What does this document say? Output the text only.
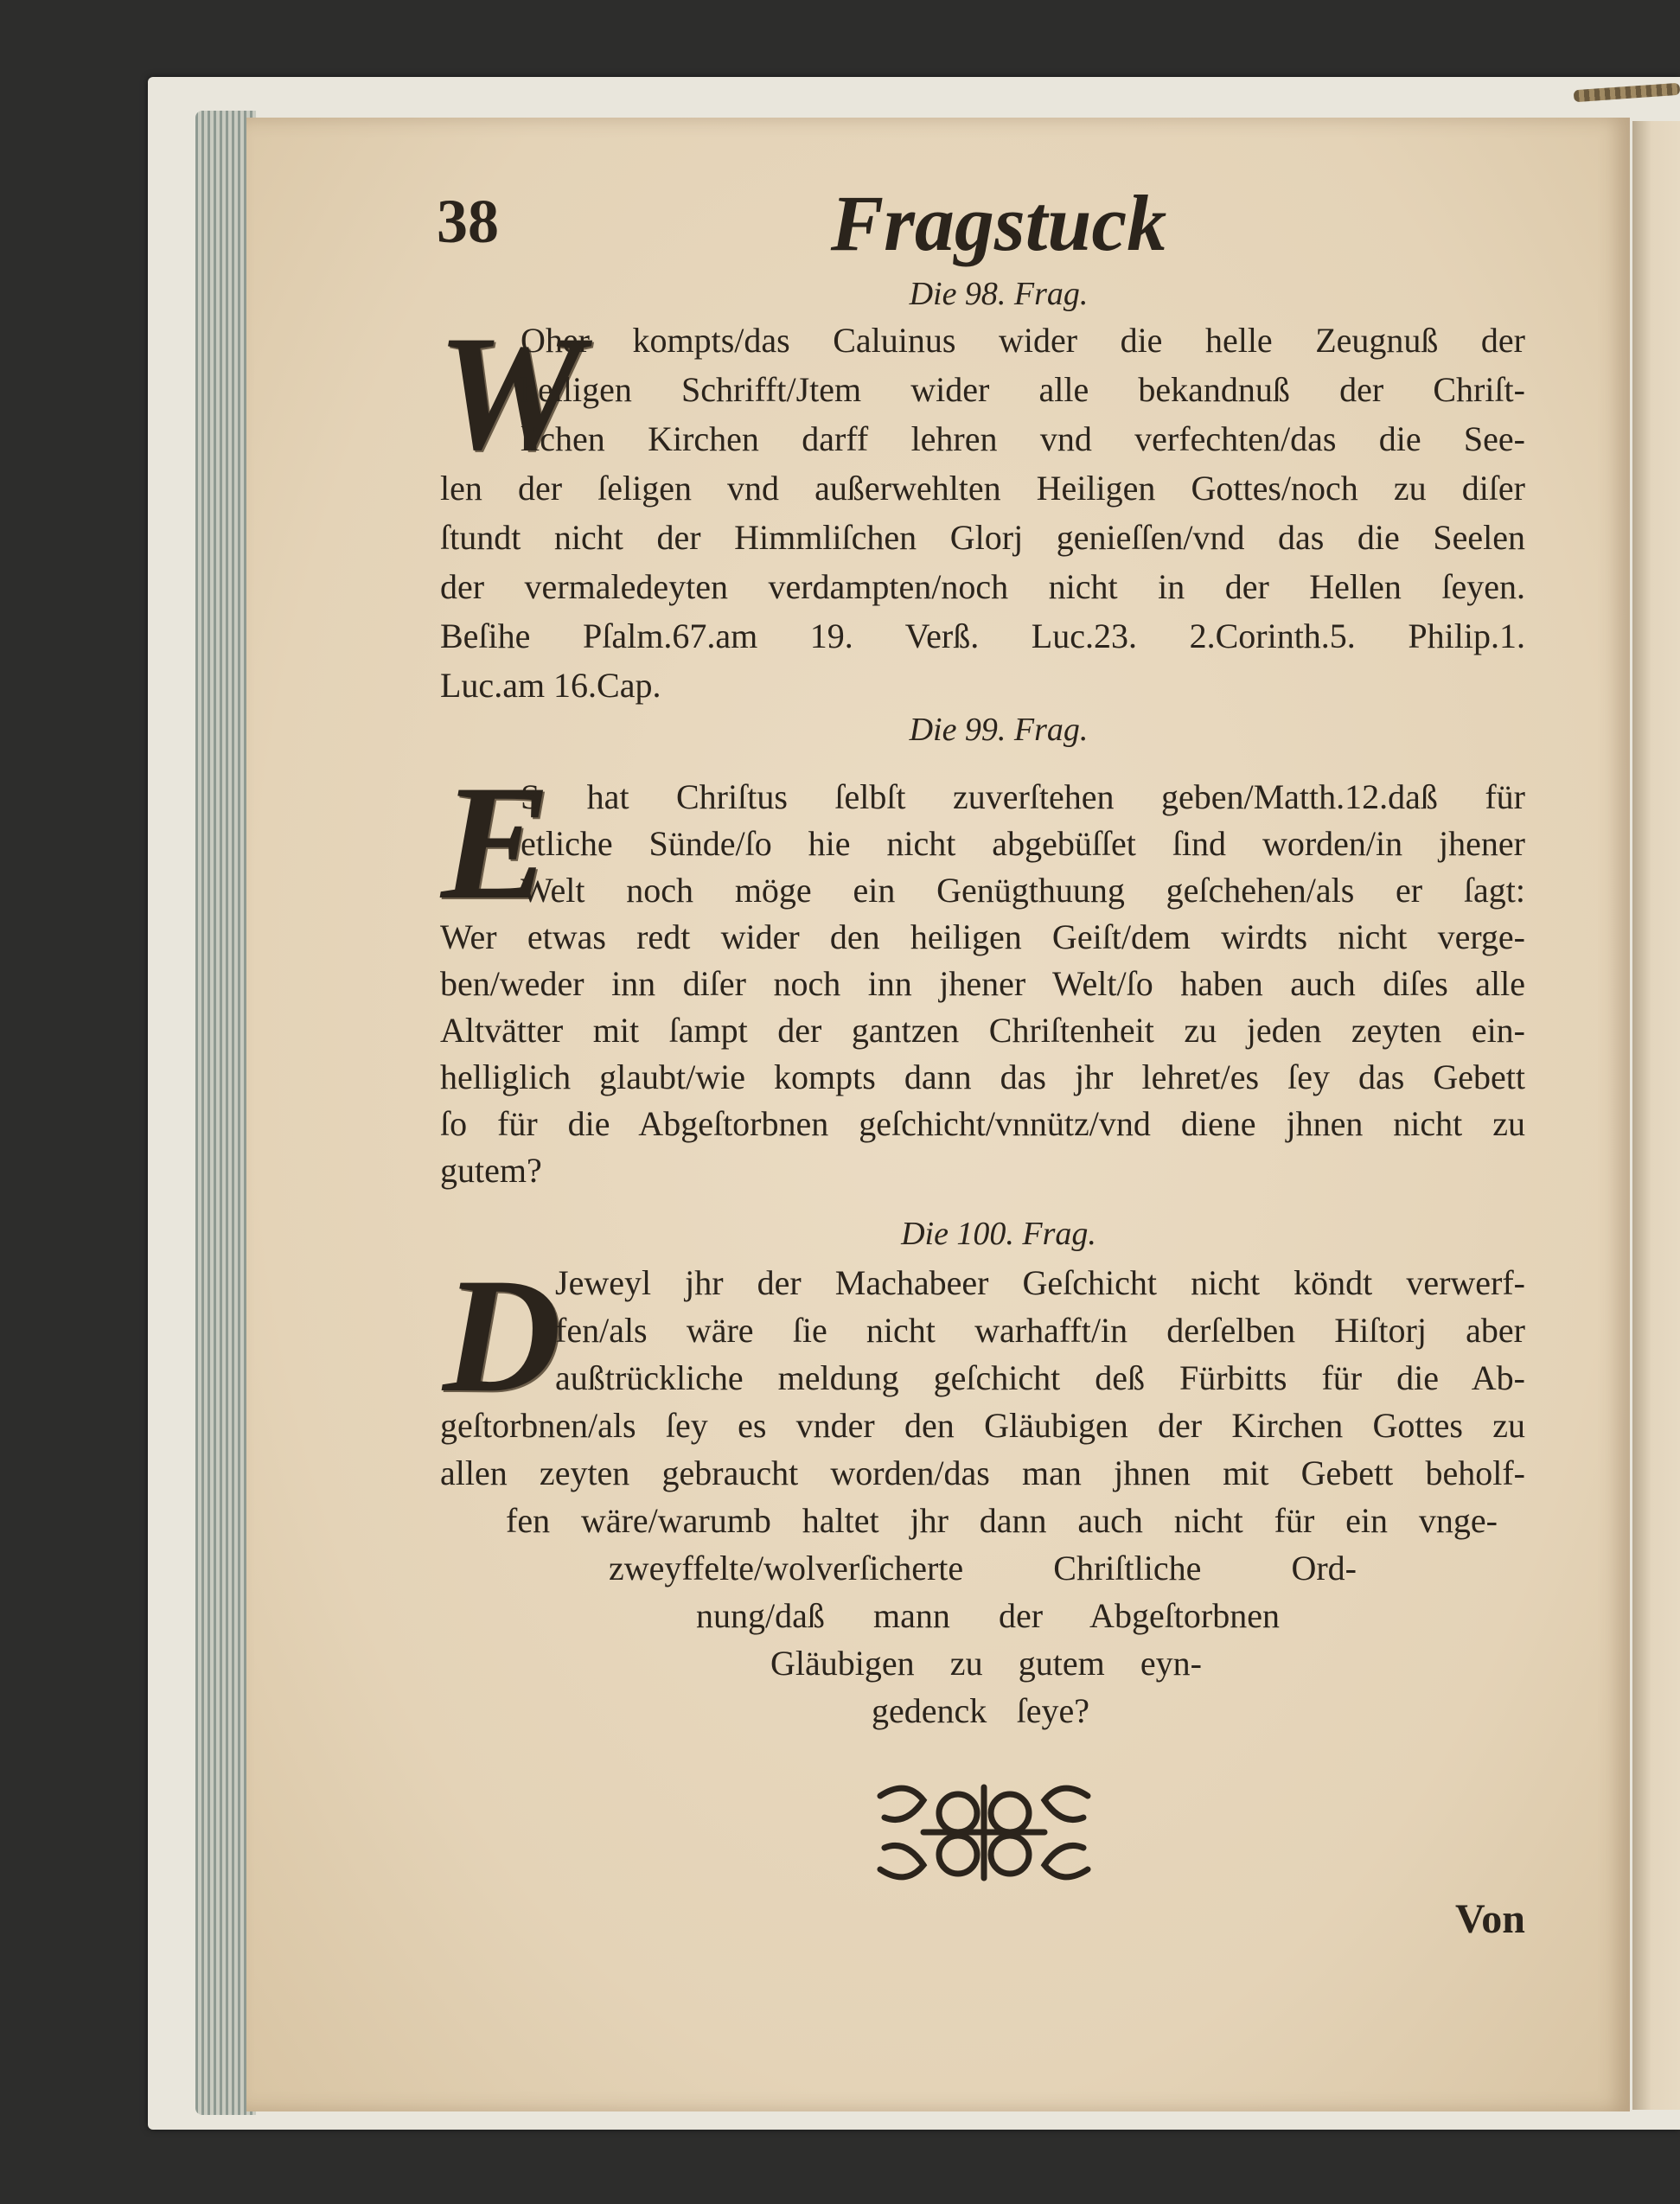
38	Fragstuck
Die 98. Frag.
W
Oher kompts/das Caluinus wider die helle Zeugnuß der
heiligen Schrifft/Jtem wider alle bekandnuß der Chriſt-
lichen Kirchen darff lehren vnd verfechten/das die See-
len der ſeligen vnd außerwehlten Heiligen Gottes/noch zu diſer
ſtundt nicht der Himmliſchen Glorj genieſſen/vnd das die Seelen
der vermaledeyten verdampten/noch nicht in der Hellen ſeyen.
Beſihe Pſalm.67.am 19. Verß. Luc.23. 2.Corinth.5. Philip.1.
Luc.am 16.Cap.
Die 99. Frag.
E
S hat Chriſtus ſelbſt zuverſtehen geben/Matth.12.daß für
etliche Sünde/ſo hie nicht abgebüſſet ſind worden/in jhener
Welt noch möge ein Genügthuung geſchehen/als er ſagt:
Wer etwas redt wider den heiligen Geiſt/dem wirdts nicht verge-
ben/weder inn diſer noch inn jhener Welt/ſo haben auch diſes alle
Altvätter mit ſampt der gantzen Chriſtenheit zu jeden zeyten ein-
helliglich glaubt/wie kompts dann das jhr lehret/es ſey das Gebett
ſo für die Abgeſtorbnen geſchicht/vnnütz/vnd diene jhnen nicht zu
gutem?
Die 100. Frag.
D
Jeweyl jhr der Machabeer Geſchicht nicht köndt verwerf-
fen/als wäre ſie nicht warhafft/in derſelben Hiſtorj aber
außtrückliche meldung geſchicht deß Fürbitts für die Ab-
geſtorbnen/als ſey es vnder den Gläubigen der Kirchen Gottes zu
allen zeyten gebraucht worden/das man jhnen mit Gebett beholf-
fen wäre/warumb haltet jhr dann auch nicht für ein vnge-
zweyffelte/wolverſicherte Chriſtliche Ord-
nung/daß mann der Abgeſtorbnen
Gläubigen zu gutem eyn-
gedenck ſeye?
Von
